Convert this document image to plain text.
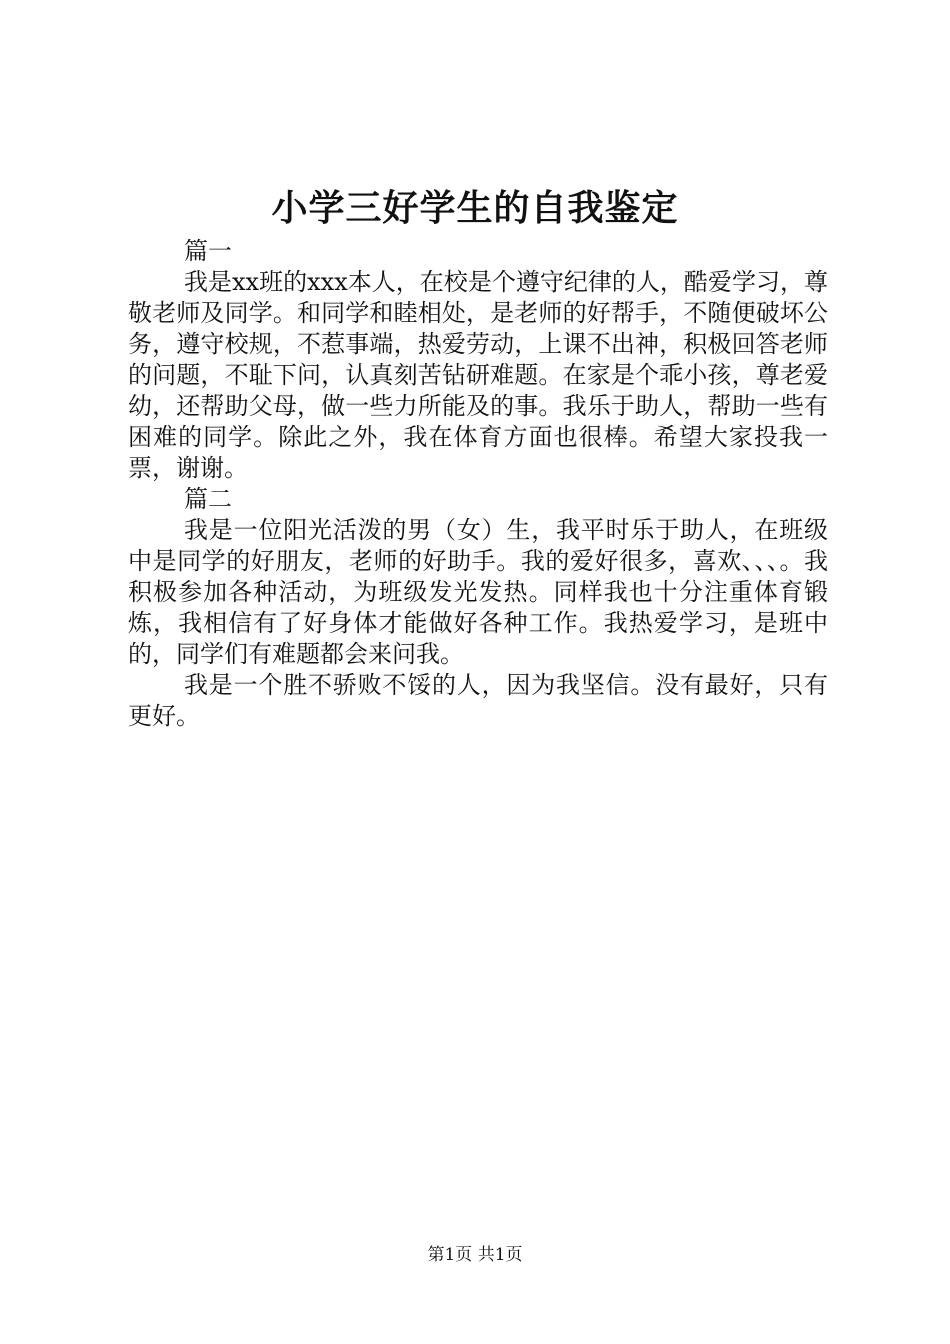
小学三好学生的自我鉴定

篇一

我是xx班的xxx本人，在校是个遵守纪律的人，酷爱学习，尊敬老师及同学。和同学和睦相处，是老师的好帮手，不随便破坏公务，遵守校规，不惹事端，热爱劳动，上课不出神，积极回答老师的问题，不耻下问，认真刻苦钻研难题。在家是个乖小孩，尊老爱幼，还帮助父母，做一些力所能及的事。我乐于助人，帮助一些有困难的同学。除此之外，我在体育方面也很棒。希望大家投我一票，谢谢。

篇二

我是一位阳光活泼的男（女）生，我平时乐于助人，在班级中是同学的好朋友，老师的好助手。我的爱好很多，喜欢、、、。我积极参加各种活动，为班级发光发热。同样我也十分注重体育锻炼，我相信有了好身体才能做好各种工作。我热爱学习，是班中的，同学们有难题都会来问我。

我是一个胜不骄败不馁的人，因为我坚信。没有最好，只有更好。

第1页 共1页
